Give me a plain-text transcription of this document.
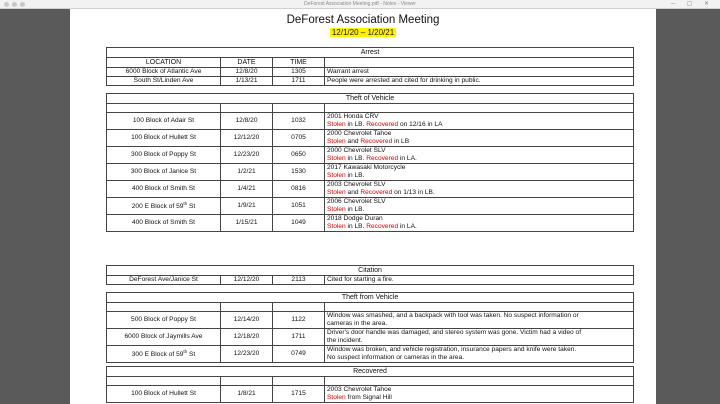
DeForest Association Meeting.pdf - Notes - Viewer	─ ▢ ✕
DeForest Association Meeting
12/1/20 – 1/20/21
Arrest			
LOCATION	DATE	TIME	
6000 Block of Atlantic Ave	12/8/20	1305	Warrant arrest
South St/Linden Ave	1/13/21	1711	People were arrested and cited for drinking in public.
Theft of Vehicle			

100 Block of Adair St	12/8/20	1032	2001 Honda CRV
Stolen in LB. Recovered on 12/16 in LA

100 Block of Hullett St	12/12/20	0705	2000 Chevrolet Tahoe
Stolen and Recovered in LB

300 Block of Poppy St	12/23/20	0650	2000 Chevrolet SLV
Stolen in LB. Recovered in LA.

300 Block of Janice St	1/2/21	1530	2017 Kawasaki Motorcycle
Stolen in LB.

400 Block of Smith St	1/4/21	0816	2003 Chevrolet SLV
Stolen and Recovered on 1/13 in LB.

200 E Block of 59th St	1/9/21	1051	2006 Chevrolet SLV
Stolen in LB.

400 Block of Smith St	1/15/21	1049	2018 Dodge Duran
Stolen in LB. Recovered in LA.
Citation
DeForest Ave/Janice St	12/12/20	2113	Cited for starting a fire.
Theft from Vehicle			

500 Block of Poppy St	12/14/20	1122	Window was smashed, and a backpack with tool was taken. No suspect information or
cameras in the area.

6000 Block of Jaymills Ave	12/18/20	1711	Driver's door handle was damaged, and stereo system was gone. Victim had a video of
the incident.

300 E Block of 59th St	12/23/20	0749	Window was broken, and vehicle registration, insurance papers and knife were taken.
No suspect information or cameras in the area.
Recovered			

100 Block of Hullett St	1/8/21	1715	2003 Chevrolet Tahoe
Stolen from Signal Hill
